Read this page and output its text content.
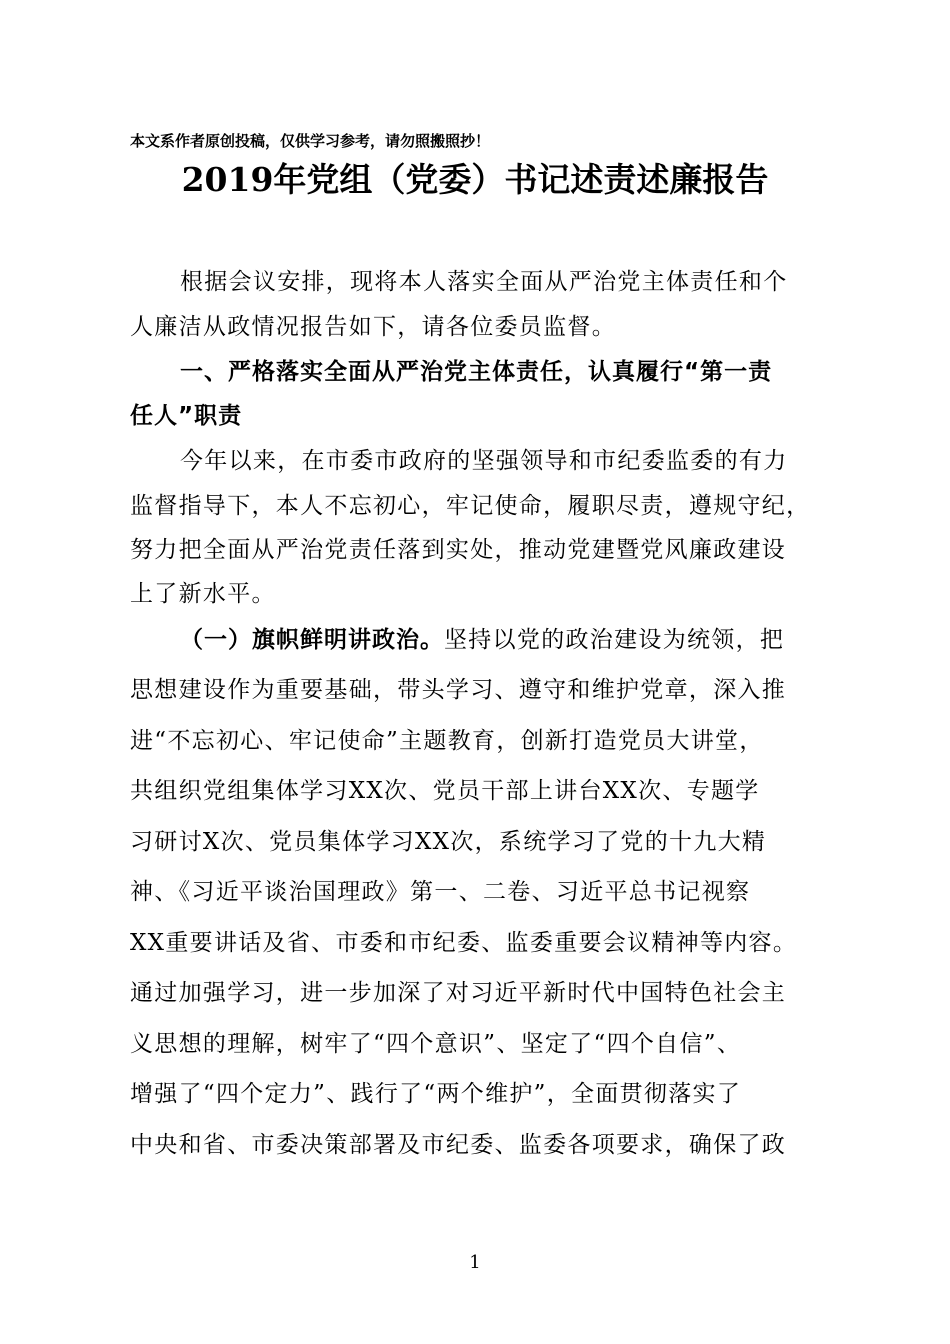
本文系作者原创投稿，仅供学习参考，请勿照搬照抄！
2019年党组（党委）书记述责述廉报告
根据会议安排，现将本人落实全面从严治党主体责任和个
人廉洁从政情况报告如下，请各位委员监督。
一、严格落实全面从严治党主体责任，认真履行“第一责
任人”职责
今年以来，在市委市政府的坚强领导和市纪委监委的有力
监督指导下，本人不忘初心，牢记使命，履职尽责，遵规守纪，
努力把全面从严治党责任落到实处，推动党建暨党风廉政建设
上了新水平。
（一）旗帜鲜明讲政治。坚持以党的政治建设为统领，把
思想建设作为重要基础，带头学习、遵守和维护党章，深入推
进“不忘初心、牢记使命”主题教育，创新打造党员大讲堂，
共组织党组集体学习XX次、党员干部上讲台XX次、专题学
习研讨X次、党员集体学习XX次，系统学习了党的十九大精
神、《习近平谈治国理政》第一、二卷、习近平总书记视察
XX重要讲话及省、市委和市纪委、监委重要会议精神等内容。
通过加强学习，进一步加深了对习近平新时代中国特色社会主
义思想的理解，树牢了“四个意识”、坚定了“四个自信”、
增强了“四个定力”、践行了“两个维护”，全面贯彻落实了
中央和省、市委决策部署及市纪委、监委各项要求，确保了政
1
